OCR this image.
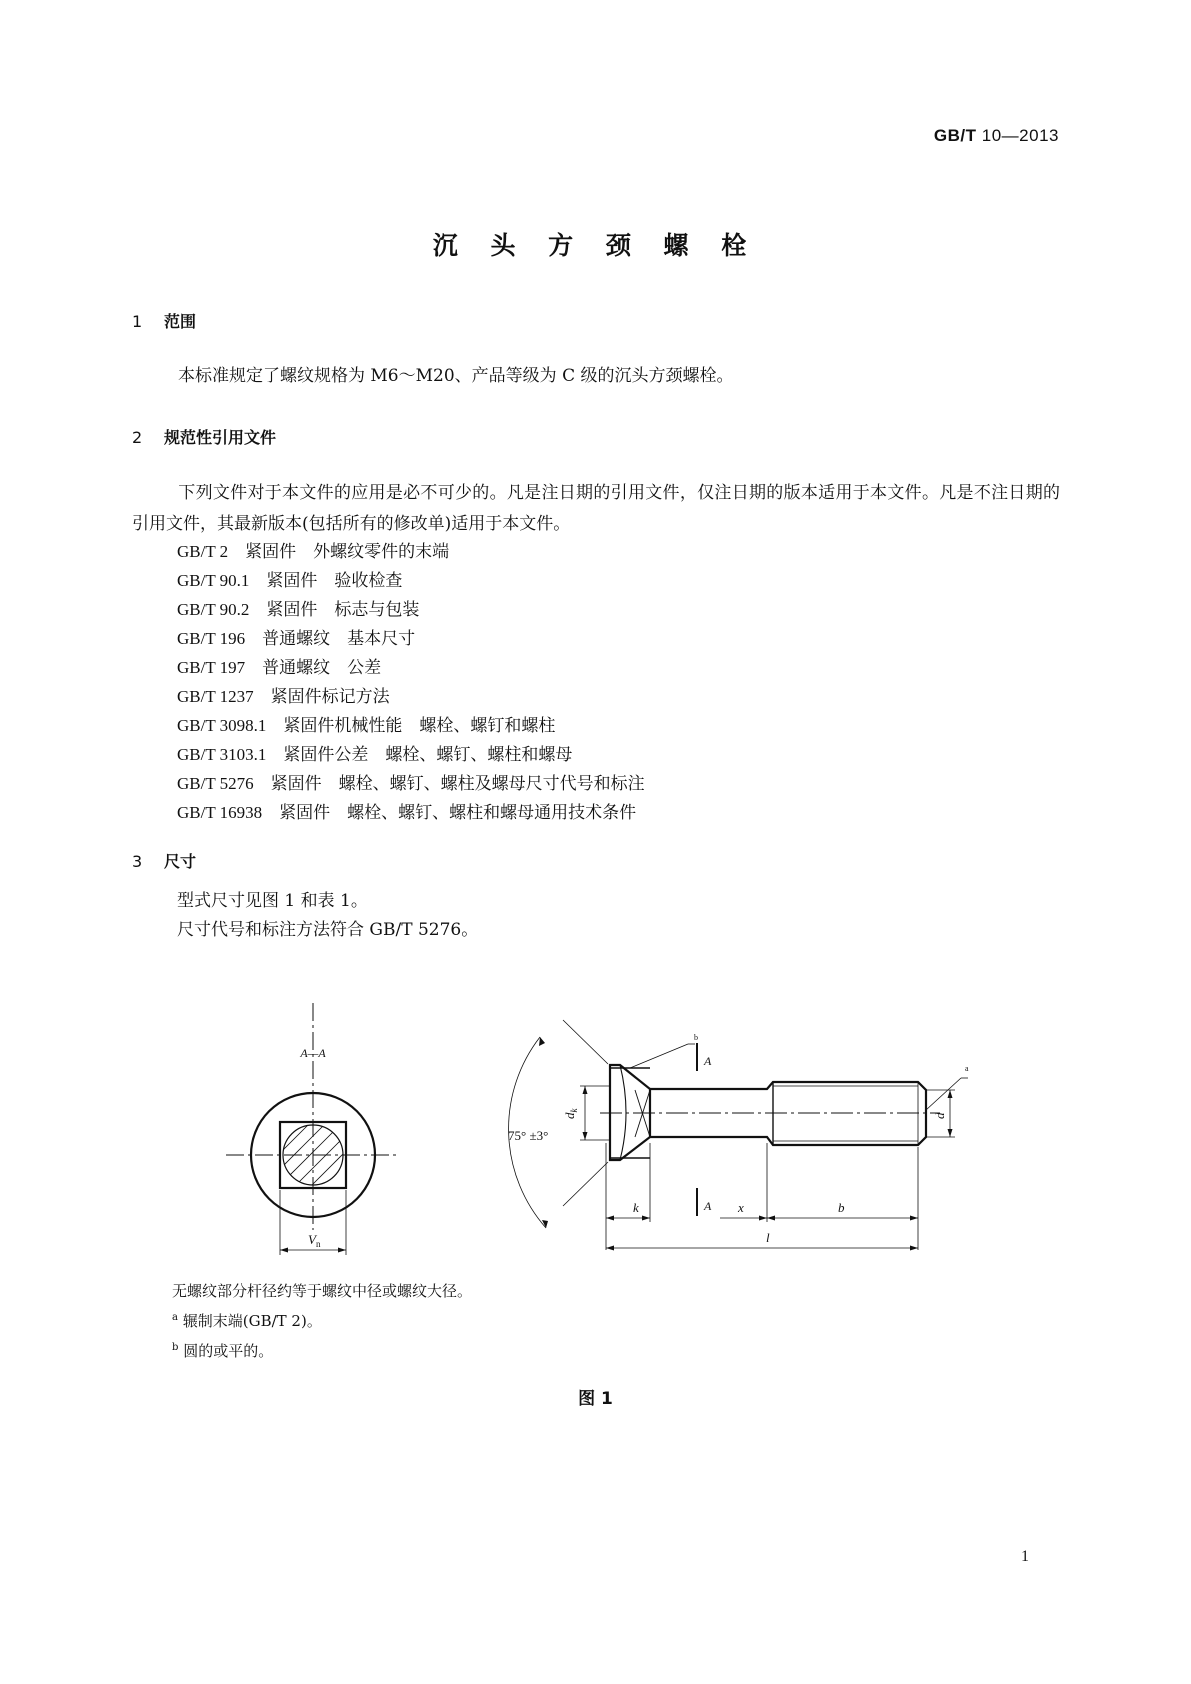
GB/T 10—2013
沉 头 方 颈 螺 栓
1 范围
本标准规定了螺纹规格为 M6～M20、产品等级为 C 级的沉头方颈螺栓。
2 规范性引用文件
下列文件对于本文件的应用是必不可少的。凡是注日期的引用文件，仅注日期的版本适用于本文件。凡是不注日期的引用文件，其最新版本(包括所有的修改单)适用于本文件。
GB/T 2　 紧固件　外螺纹零件的末端
GB/T 90.1　 紧固件　验收检查
GB/T 90.2　 紧固件　标志与包装
GB/T 196　 普通螺纹　基本尺寸
GB/T 197　 普通螺纹　公差
GB/T 1237　 紧固件标记方法
GB/T 3098.1　 紧固件机械性能　螺栓、螺钉和螺柱
GB/T 3103.1　 紧固件公差　螺栓、螺钉、螺柱和螺母
GB/T 5276　 紧固件　螺栓、螺钉、螺柱及螺母尺寸代号和标注
GB/T 16938　 紧固件　螺栓、螺钉、螺柱和螺母通用技术条件
3 尺寸
型式尺寸见图 1 和表 1。
尺寸代号和标注方法符合 GB/T 5276。
A—A
$V_n$
75° ±3°
$d_k$
d
k	x	b
l
A
A
a
b
无螺纹部分杆径约等于螺纹中径或螺纹大径。
$^a$ 辗制末端(GB/T 2)。
$^b$ 圆的或平的。
图 1
1
